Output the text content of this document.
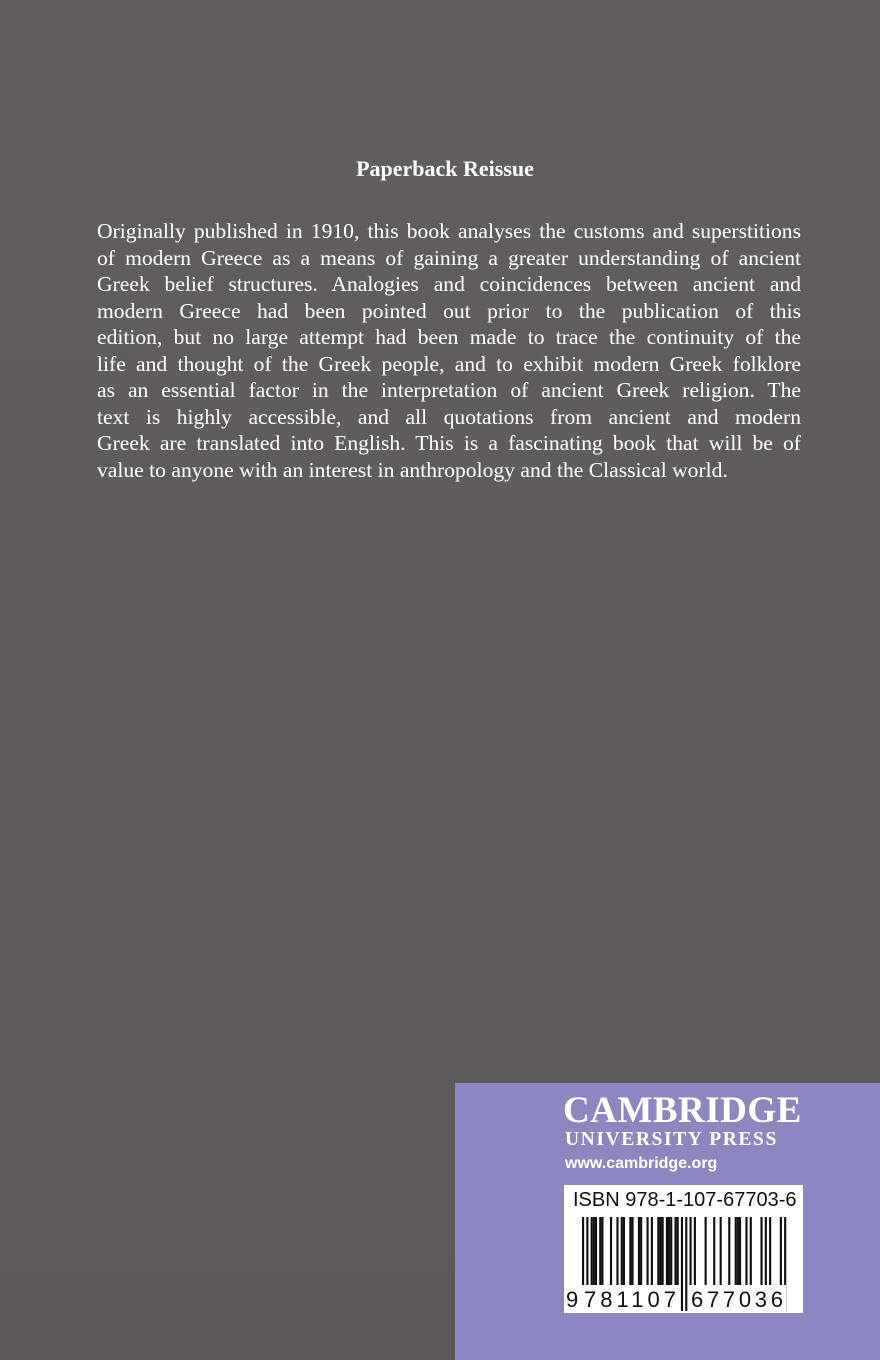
Paperback Reissue
Originally published in 1910, this book analyses the customs and superstitions
of modern Greece as a means of gaining a greater understanding of ancient
Greek belief structures. Analogies and coincidences between ancient and
modern Greece had been pointed out prior to the publication of this
edition, but no large attempt had been made to trace the continuity of the
life and thought of the Greek people, and to exhibit modern Greek folklore
as an essential factor in the interpretation of ancient Greek religion. The
text is highly accessible, and all quotations from ancient and modern
Greek are translated into English. This is a fascinating book that will be of
value to anyone with an interest in anthropology and the Classical world.
CAMBRIDGE
UNIVERSITY PRESS
www.cambridge.org
ISBN 978-1-107-67703-6
9 781107 677036
